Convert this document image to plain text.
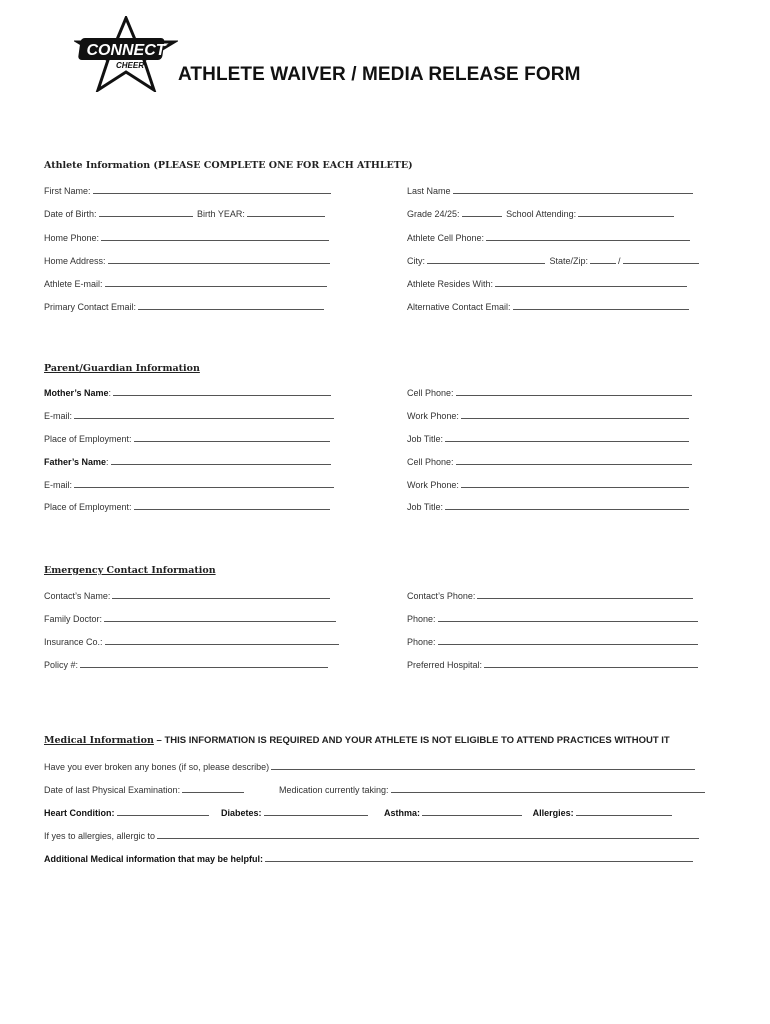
CONNECT
CHEER ATHLETE WAIVER / MEDIA RELEASE FORM
Athlete Information (PLEASE COMPLETE ONE FOR EACH ATHLETE)
First Name:	Last Name
Date of Birth:	Birth YEAR:	Grade 24/25:	School Attending:
Home Phone:	Athlete Cell Phone:
Home Address:	City:	State/Zip:	/
Athlete E-mail:	Athlete Resides With:
Primary Contact Email:	Alternative Contact Email:
Parent/Guardian Information
Mother’s Name:	Cell Phone:
E-mail:	Work Phone:
Place of Employment:	Job Title:
Father’s Name:	Cell Phone:
E-mail:	Work Phone:
Place of Employment:	Job Title:
Emergency Contact Information
Contact’s Name:	Contact’s Phone:
Family Doctor:	Phone:
Insurance Co.:	Phone:
Policy #:	Preferred Hospital:
Medical Information – THIS INFORMATION IS REQUIRED AND YOUR ATHLETE IS NOT ELIGIBLE TO ATTEND PRACTICES WITHOUT IT
Have you ever broken any bones (if so, please describe)
Date of last Physical Examination:	Medication currently taking:
Heart Condition:	Diabetes:	Asthma:	Allergies:
If yes to allergies, allergic to
Additional Medical information that may be helpful:
